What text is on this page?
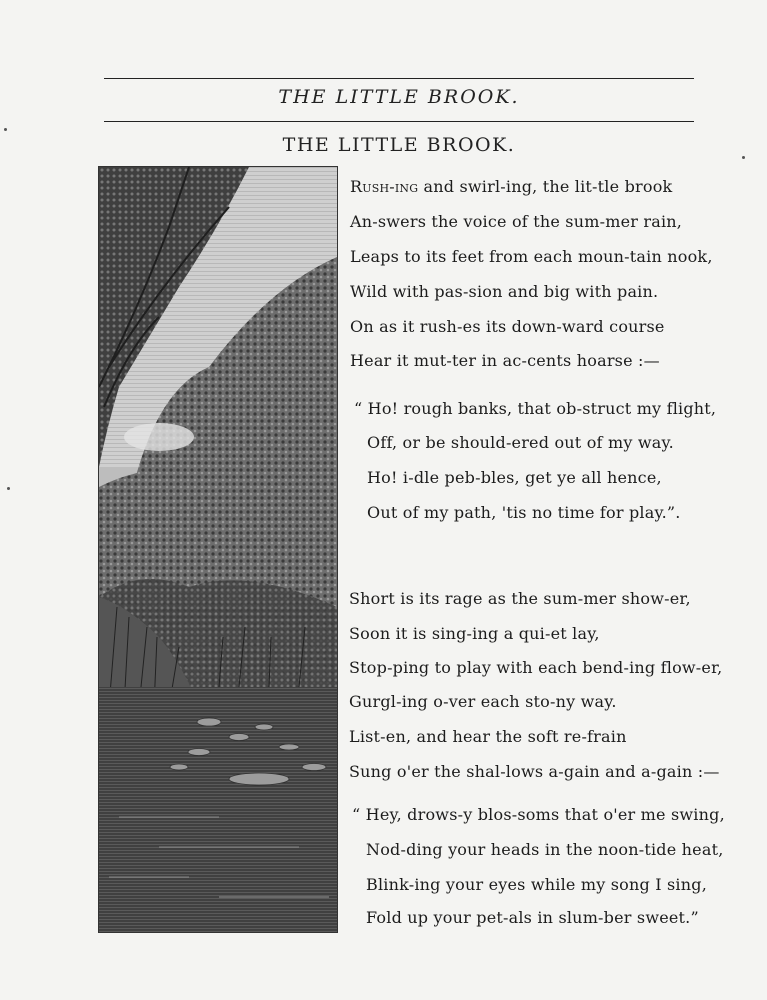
THE LITTLE BROOK.
THE LITTLE BROOK.
Rush-ing and swirl-ing, the lit-tle brook
An-swers the voice of the sum-mer rain,
Leaps to its feet from each moun-tain nook,
Wild with pas-sion and big with pain.
On as it rush-es its down-ward course
Hear it mut-ter in ac-cents hoarse :—
“ Ho! rough banks, that ob-struct my flight,
Off, or be should-ered out of my way.
Ho! i-dle peb-bles, get ye all hence,
Out of my path, 'tis no time for play.”.
Short is its rage as the sum-mer show-er,
Soon it is sing-ing a qui-et lay,
Stop-ping to play with each bend-ing flow-er,
Gurgl-ing o-ver each sto-ny way.
List-en, and hear the soft re-frain
Sung o'er the shal-lows a-gain and a-gain :—
“ Hey, drows-y blos-soms that o'er me swing,
Nod-ding your heads in the noon-tide heat,
Blink-ing your eyes while my song I sing,
Fold up your pet-als in slum-ber sweet.”
